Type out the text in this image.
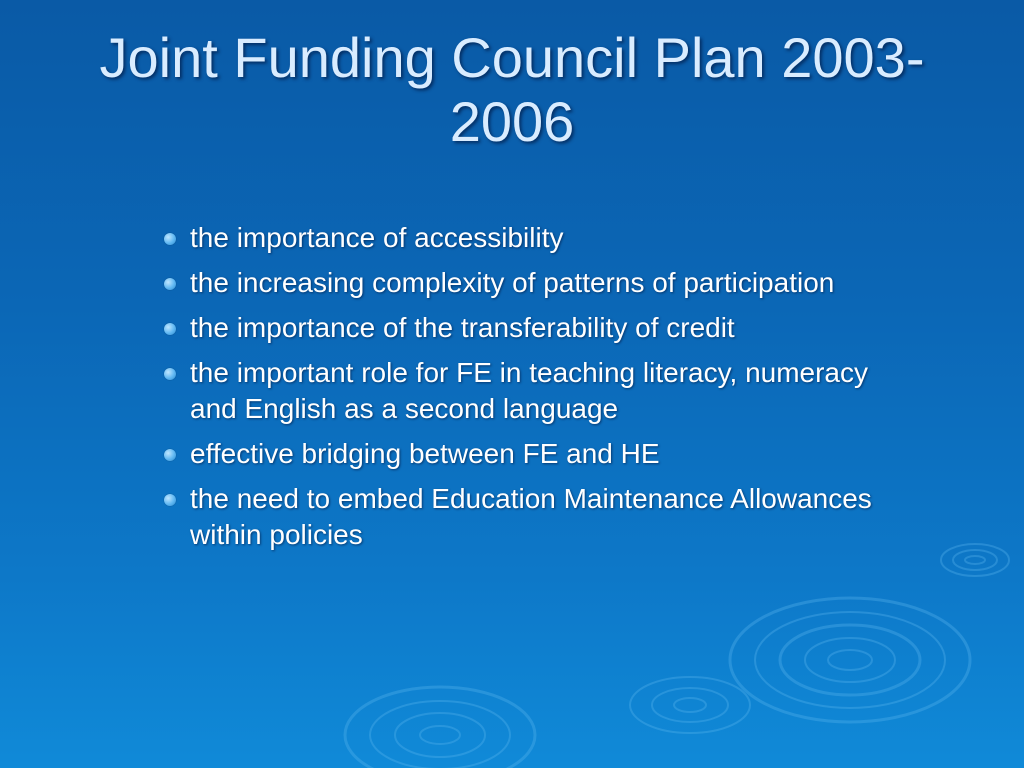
Joint Funding Council Plan 2003-2006
the importance of accessibility
the increasing complexity of patterns of participation
the importance of the transferability of credit
the important role for FE in teaching literacy, numeracy and English as a second language
effective bridging between FE and HE
the need to embed Education Maintenance Allowances within policies
